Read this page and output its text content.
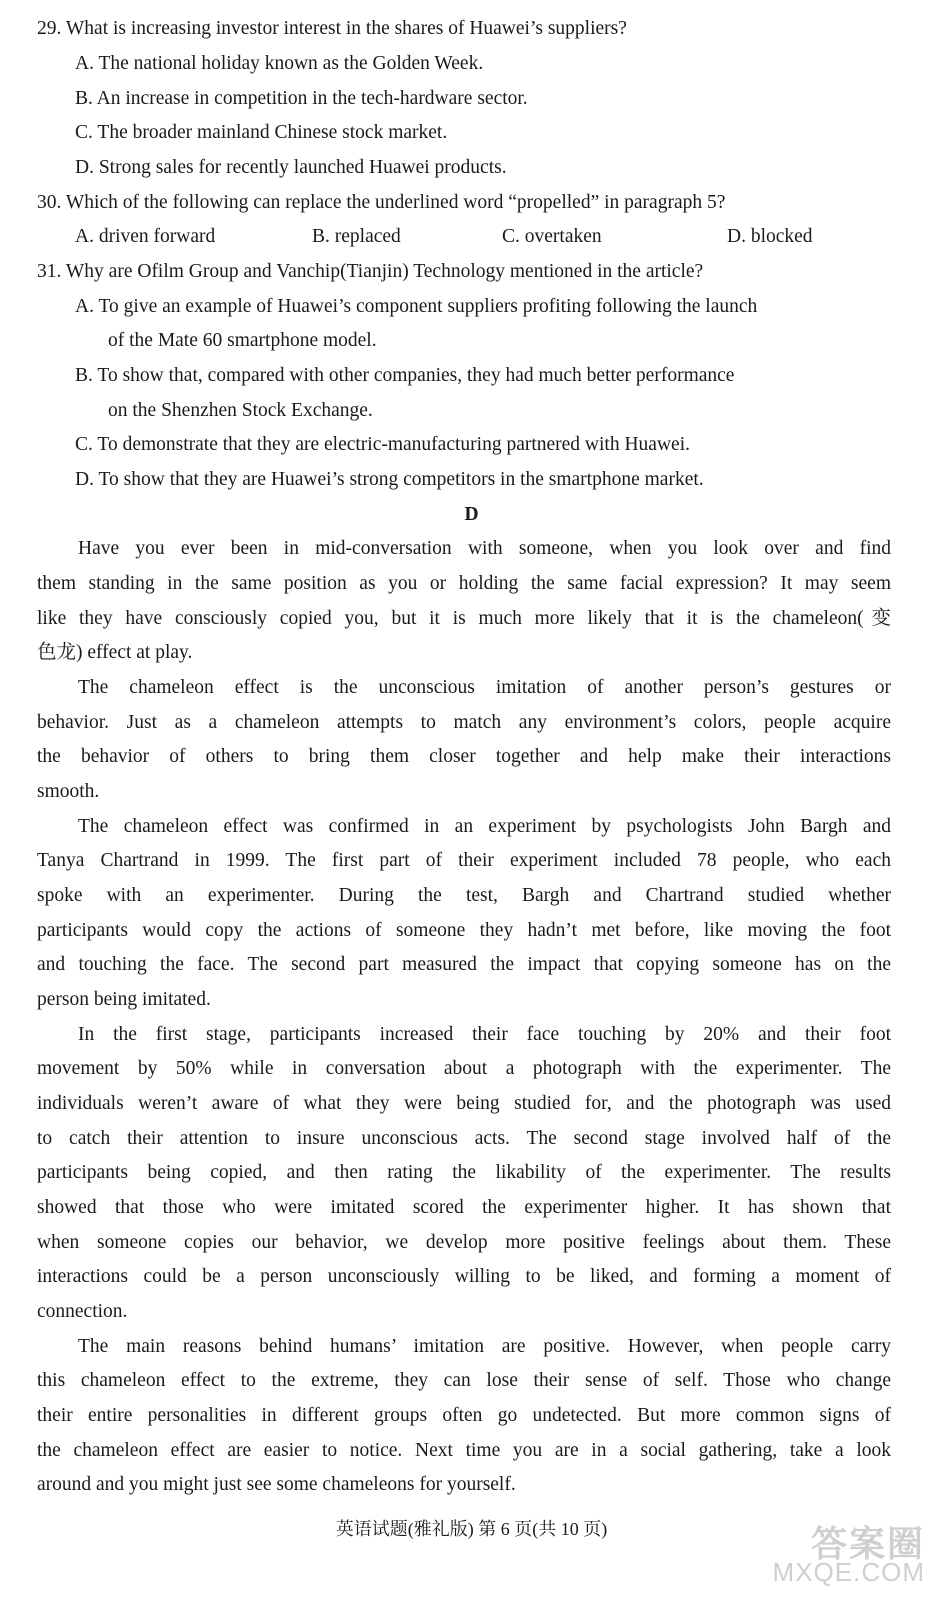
29. What is increasing investor interest in the shares of Huawei’s suppliers?
A. The national holiday known as the Golden Week.
B. An increase in competition in the tech-hardware sector.
C. The broader mainland Chinese stock market.
D. Strong sales for recently launched Huawei products.
30. Which of the following can replace the underlined word “propelled” in paragraph 5?
A. driven forward	B. replaced	C. overtaken	D. blocked
31. Why are Ofilm Group and Vanchip(Tianjin) Technology mentioned in the article?
A. To give an example of Huawei’s component suppliers profiting following the launch
of the Mate 60 smartphone model.
B. To show that, compared with other companies, they had much better performance
on the Shenzhen Stock Exchange.
C. To demonstrate that they are electric-manufacturing partnered with Huawei.
D. To show that they are Huawei’s strong competitors in the smartphone market.
D
Have you ever been in mid-conversation with someone, when you look over and find
them standing in the same position as you or holding the same facial expression? It may seem
like they have consciously copied you, but it is much more likely that it is the chameleon(变
色龙) effect at play.
The chameleon effect is the unconscious imitation of another person’s gestures or
behavior. Just as a chameleon attempts to match any environment’s colors, people acquire
the behavior of others to bring them closer together and help make their interactions
smooth.
The chameleon effect was confirmed in an experiment by psychologists John Bargh and
Tanya Chartrand in 1999. The first part of their experiment included 78 people, who each
spoke with an experimenter. During the test, Bargh and Chartrand studied whether
participants would copy the actions of someone they hadn’t met before, like moving the foot
and touching the face. The second part measured the impact that copying someone has on the
person being imitated.
In the first stage, participants increased their face touching by 20% and their foot
movement by 50% while in conversation about a photograph with the experimenter. The
individuals weren’t aware of what they were being studied for, and the photograph was used
to catch their attention to insure unconscious acts. The second stage involved half of the
participants being copied, and then rating the likability of the experimenter. The results
showed that those who were imitated scored the experimenter higher. It has shown that
when someone copies our behavior, we develop more positive feelings about them. These
interactions could be a person unconsciously willing to be liked, and forming a moment of
connection.
The main reasons behind humans’ imitation are positive. However, when people carry
this chameleon effect to the extreme, they can lose their sense of self. Those who change
their entire personalities in different groups often go undetected. But more common signs of
the chameleon effect are easier to notice. Next time you are in a social gathering, take a look
around and you might just see some chameleons for yourself.
英语试题(雅礼版) 第 6 页(共 10 页)	答案圈
MXQE.COM
